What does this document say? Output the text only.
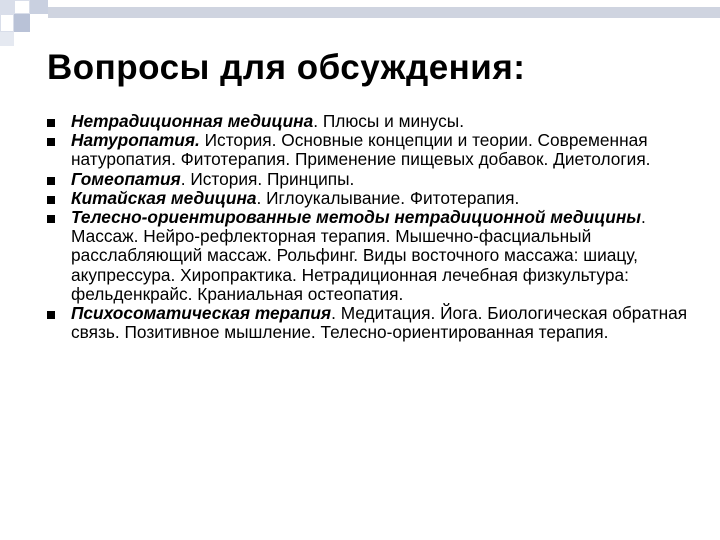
Вопросы для обсуждения:
Нетрадиционная медицина. Плюсы и минусы.
Натуропатия. История. Основные концепции и теории. Современная натуропатия. Фитотерапия. Применение пищевых добавок. Диетология.
Гомеопатия. История. Принципы.
Китайская медицина. Иглоукалывание. Фитотерапия.
Телесно-ориентированные методы нетрадиционной медицины. Массаж. Нейро-рефлекторная терапия. Мышечно-фасциальный расслабляющий массаж. Рольфинг. Виды восточного массажа: шиацу, акупрессура. Хиропрактика. Нетрадиционная лечебная физкультура: фельденкрайс. Краниальная остеопатия.
Психосоматическая терапия. Медитация. Йога. Биологическая обратная связь. Позитивное мышление. Телесно-ориентированная терапия.
